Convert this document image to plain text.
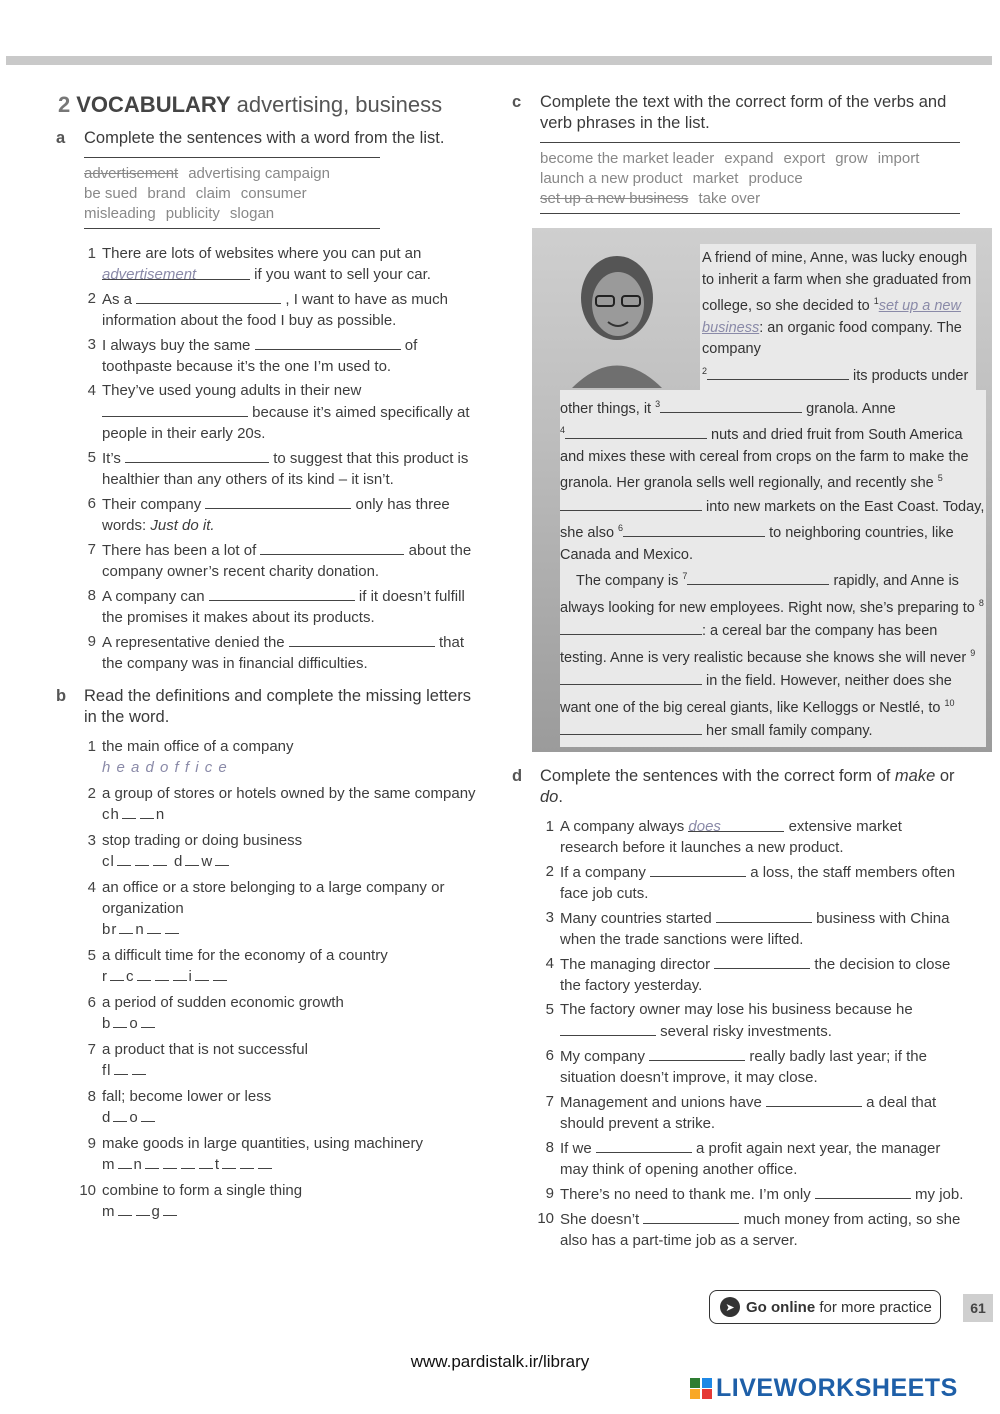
2 VOCABULARY advertising, business
a	Complete the sentences with a word from the list.
advertisement advertising campaignbe sued brand claim consumermisleading publicity slogan
1 There are lots of websites where you can put an advertisement	if you want to sell your car.
2 As a	, I want to have as much information about the food I buy as possible.
3 I always buy the same	of toothpaste because it’s the one I’m used to.
4 They’ve used young adults in their new  because it’s aimed specifically at people in their early 20s.
5 It’s	to suggest that this product is healthier than any others of its kind – it isn’t.
6 Their company	only has three words: Just do it.
7 There has been a lot of	about the company owner’s recent charity donation.
8 A company can	if it doesn’t fulfill the promises it makes about its products.
9 A representative denied the	that the company was in financial difficulties.
b	Read the definitions and complete the missing letters in the word.
1 the main office of a company
h e a d o f f i c e
2 a group of stores or hotels owned by the same company
ch n
3 stop trading or doing business
cl	d w
4 an office or a store belonging to a large company or organization
br n
5 a difficult time for the economy of a country
r c	i
6 a period of sudden economic growth
b o
7 a product that is not successful
fl
8 fall; become lower or less
d o
9 make goods in large quantities, using machinery
m n	t
10 combine to form a single thing
m g
c	Complete the text with the correct form of the verbs and verb phrases in the list.
become the market leader expand export grow importlaunch a new product market produceset up a new business take over
A friend of mine, Anne, was lucky enough to inherit a farm when she graduated from college, so she decided to $^1$set up a new business: an organic food company. The company
$^2$	its products under

other things, it $^3$	granola. Anne
$^4$	nuts and dried fruit from South America and mixes these with cereal from crops on the farm to make the granola. Her granola sells well regionally, and recently she $^5$ into new markets on the East Coast. Today, she also $^6$	to neighboring countries, like Canada and Mexico.

The company is $^7$	rapidly, and Anne is always looking for new employees. Right now, she’s preparing to $^8$: a cereal bar the company has been testing. Anne is very realistic because she knows she will never $^9$ in the field. However, neither does she want one of the big cereal giants, like Kelloggs or Nestlé, to $^{10}$ her small family company.

d	Complete the sentences with the correct form of make or do.
1 A company always does	extensive market research before it launches a new product.
2 If a company	a loss, the staff members often face job cuts.
3 Many countries started	business with China when the trade sanctions were lifted.
4 The managing director	the decision to close the factory yesterday.
5 The factory owner may lose his business because he  several risky investments.
6 My company	really badly last year; if the situation doesn’t improve, it may close.
7 Management and unions have	a deal that should prevent a strike.
8 If we	a profit again next year, the manager may think of opening another office.
9 There’s no need to thank me. I’m only	my job.
10 She doesn’t	much money from acting, so she also has a part-time job as a server.
➤ Go online for more practice	61
www.pardistalk.ir/library
LIVEWORKSHEETS
